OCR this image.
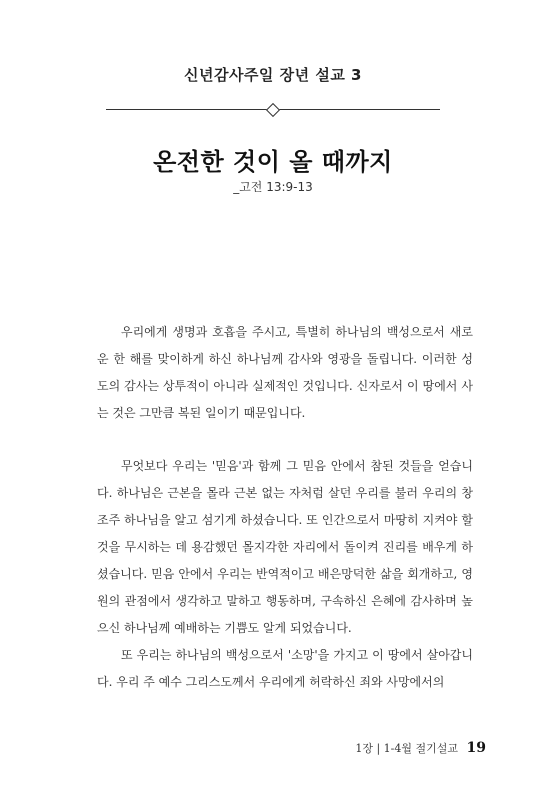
신년감사주일 장년 설교 3
온전한 것이 올 때까지
_고전 13:9-13

우리에게 생명과 호흡을 주시고, 특별히 하나님의 백성으로서 새로운 한 해를 맞이하게 하신 하나님께 감사와 영광을 돌립니다. 이러한 성도의 감사는 상투적이 아니라 실제적인 것입니다. 신자로서 이 땅에서 사는 것은 그만큼 복된 일이기 때문입니다.

무엇보다 우리는 '믿음'과 함께 그 믿음 안에서 참된 것들을 얻습니다. 하나님은 근본을 몰라 근본 없는 자처럼 살던 우리를 불러 우리의 창조주 하나님을 알고 섬기게 하셨습니다. 또 인간으로서 마땅히 지켜야 할 것을 무시하는 데 용감했던 몰지각한 자리에서 돌이켜 진리를 배우게 하셨습니다. 믿음 안에서 우리는 반역적이고 배은망덕한 삶을 회개하고, 영원의 관점에서 생각하고 말하고 행동하며, 구속하신 은혜에 감사하며 높으신 하나님께 예배하는 기쁨도 알게 되었습니다.

또 우리는 하나님의 백성으로서 '소망'을 가지고 이 땅에서 살아갑니다. 우리 주 예수 그리스도께서 우리에게 허락하신 죄와 사망에서의

1장 | 1-4월 절기설교 19
